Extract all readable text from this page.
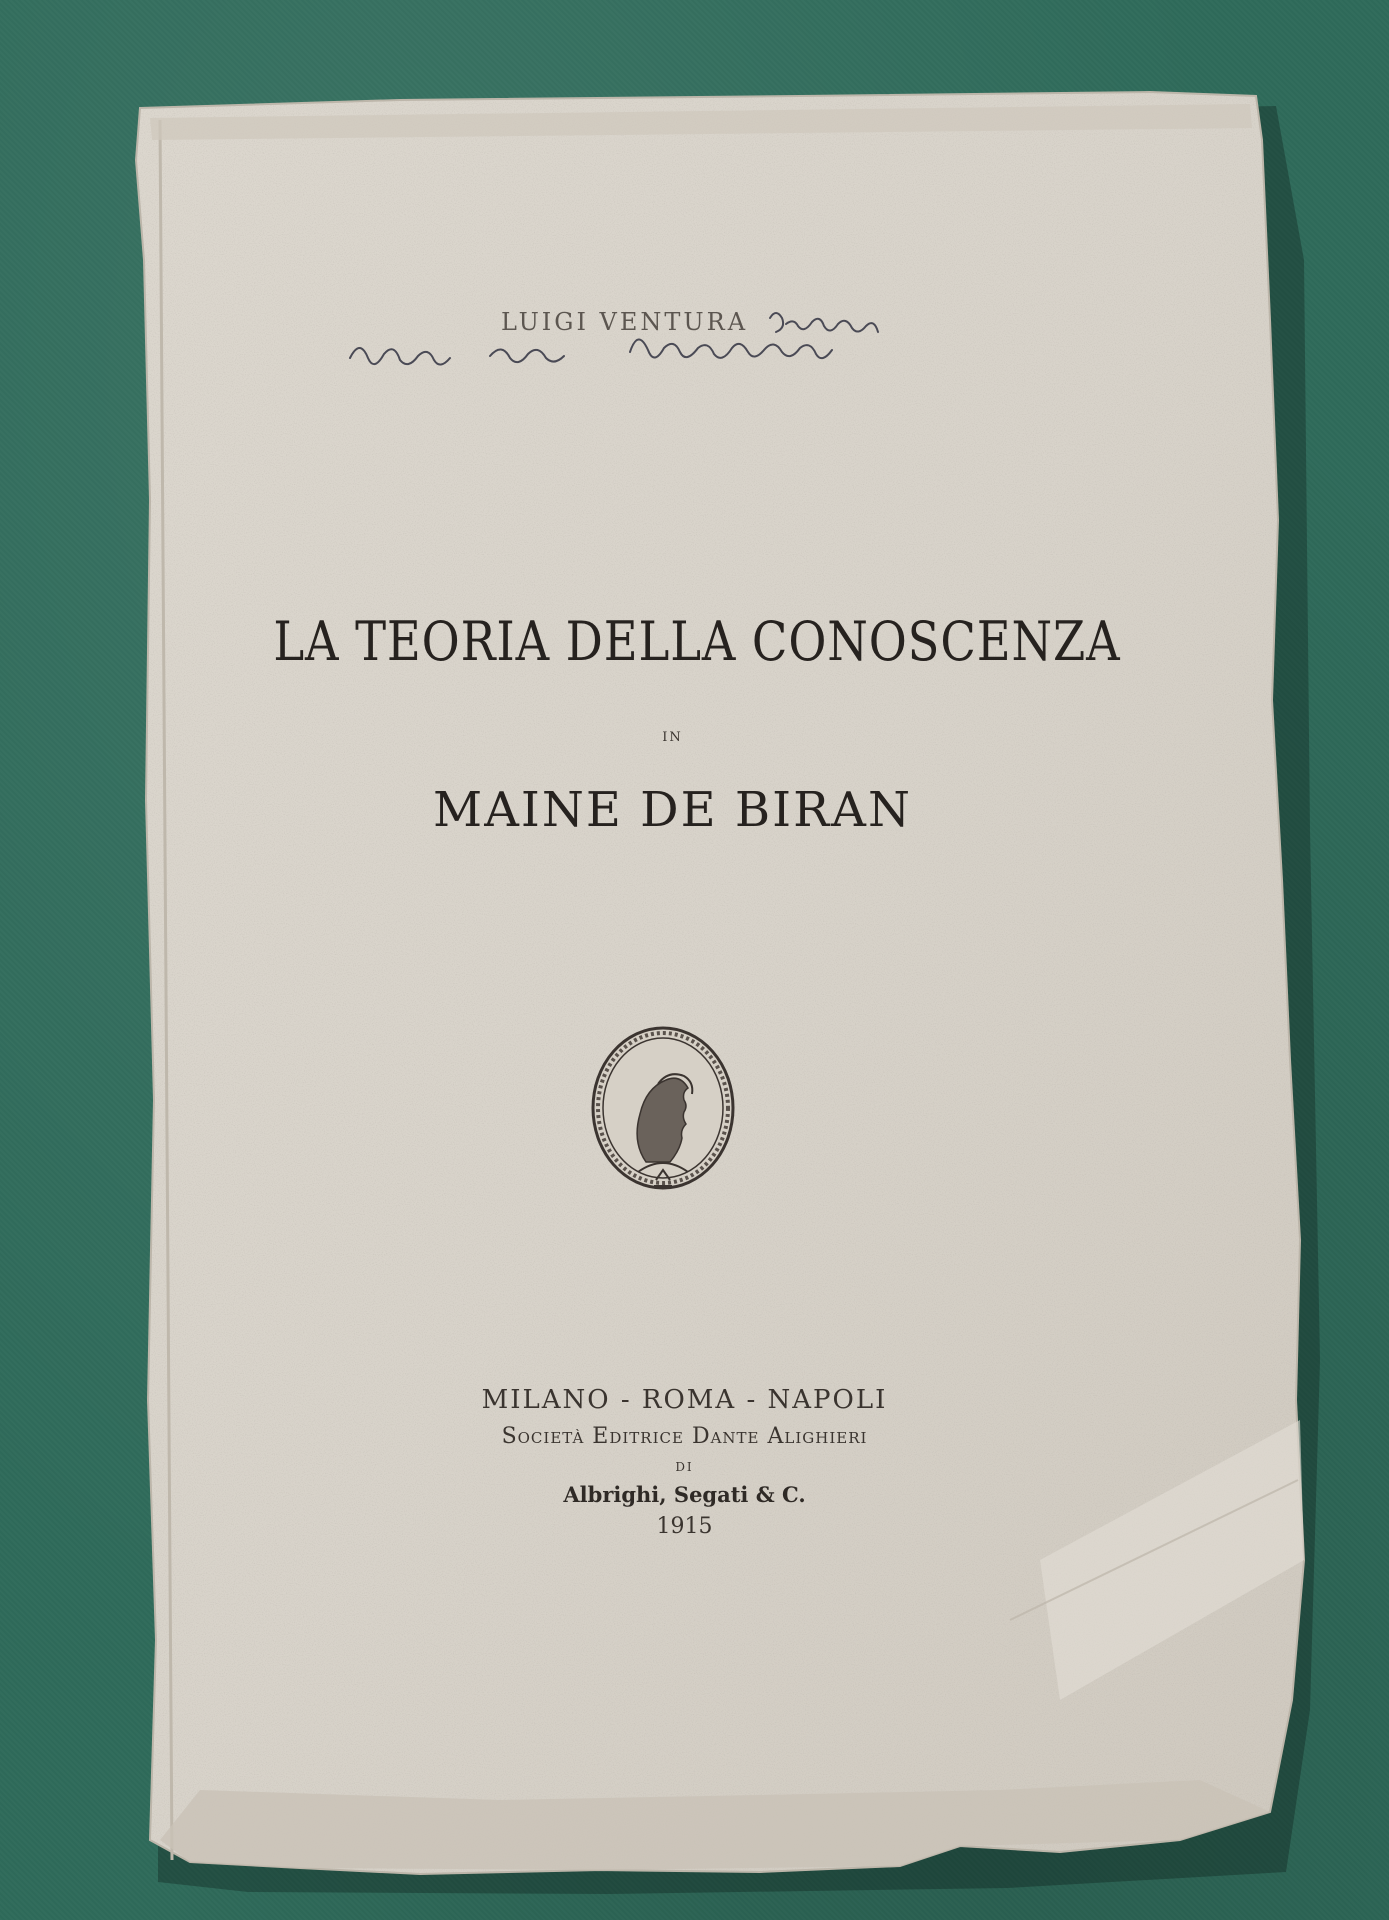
LUIGI VENTURA
LA TEORIA DELLA CONOSCENZA
IN
MAINE DE BIRAN
MILANO - ROMA - NAPOLI
Società Editrice Dante Alighieri
DI
Albrighi, Segati & C.
1915
